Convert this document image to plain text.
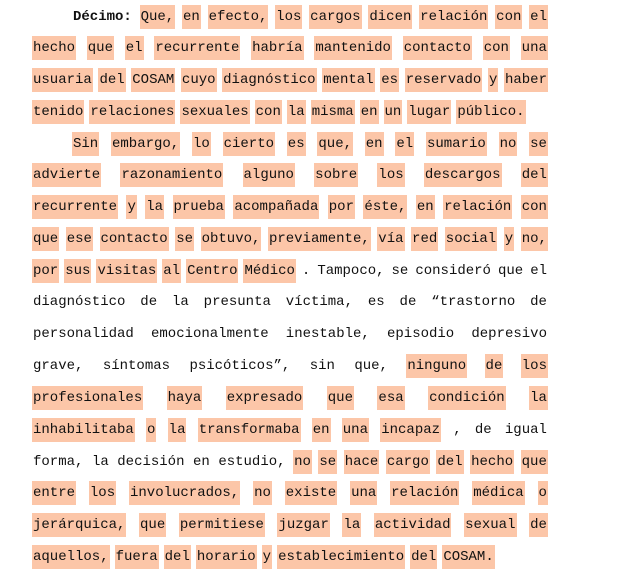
Décimo: Que, en efecto, los cargos dicen relación con el
hecho que el recurrente habría mantenido contacto con una
usuaria del COSAM cuyo diagnóstico mental es reservado y haber
tenido relaciones sexuales con la misma en un lugar público.
Sin embargo, lo cierto es que, en el sumario no se
advierte razonamiento alguno sobre los descargos del
recurrente y la prueba acompañada por éste, en relación con
que ese contacto se obtuvo, previamente, vía red social y no,
por sus visitas al Centro Médico . Tampoco, se consideró que el
diagnóstico de la presunta víctima, es de “trastorno de
personalidad emocionalmente inestable, episodio depresivo
grave, síntomas psicóticos”, sin que, ninguno de los
profesionales haya expresado que esa condición la
inhabilitaba o la transformaba en una incapaz , de igual
forma, la decisión en estudio, no se hace cargo del hecho que
entre los involucrados, no existe una relación médica o
jerárquica, que permitiese juzgar la actividad sexual de
aquellos, fuera del horario y establecimiento del COSAM.
